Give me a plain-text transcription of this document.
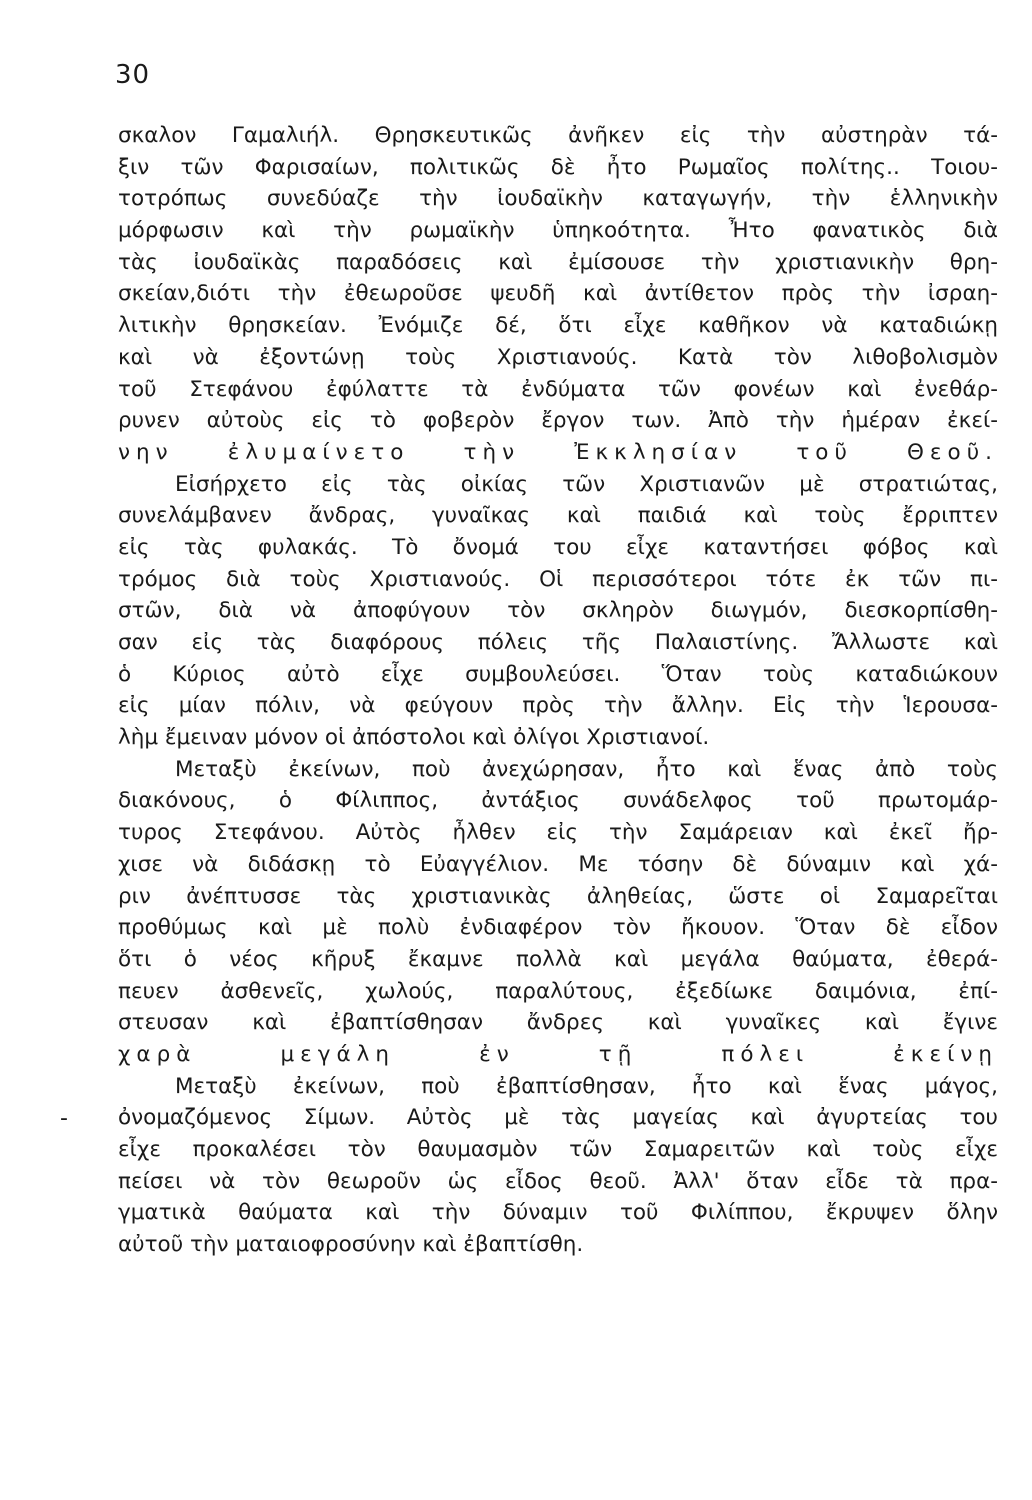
30
-
σκαλον Γαμαλιήλ. Θρησκευτικῶς ἀνῆκεν εἰς τὴν αὐστηρὰν τά-
ξιν τῶν Φαρισαίων, πολιτικῶς δὲ ἦτο Ρωμαῖος πολίτης.. Τοιου-
τοτρόπως συνεδύαζε τὴν ἰουδαϊκὴν καταγωγήν, τὴν ἑλληνικὴν
μόρφωσιν καὶ τὴν ρωμαϊκὴν ὑπηκοότητα. Ἦτο φανατικὸς διὰ
τὰς ἰουδαϊκὰς παραδόσεις καὶ ἐμίσουσε τὴν χριστιανικὴν θρη-
σκείαν,διότι τὴν ἐθεωροῦσε ψευδῆ καὶ ἀντίθετον πρὸς τὴν ἰσραη-
λιτικὴν θρησκείαν. Ἐνόμιζε δέ, ὅτι εἶχε καθῆκον νὰ καταδιώκῃ
καὶ νὰ ἐξοντώνῃ τοὺς Χριστιανούς. Κατὰ τὸν λιθοβολισμὸν
τοῦ Στεφάνου ἐφύλαττε τὰ ἐνδύματα τῶν φονέων καὶ ἐνεθάρ-
ρυνεν αὐτοὺς εἰς τὸ φοβερὸν ἔργον των. Ἀπὸ τὴν ἡμέραν ἐκεί-
νην ἐλυμαίνετο τὴν Ἐκκλησίαν τοῦ Θεοῦ.
Εἰσήρχετο εἰς τὰς οἰκίας τῶν Χριστιανῶν μὲ στρατιώτας,
συνελάμβανεν ἄνδρας, γυναῖκας καὶ παιδιά καὶ τοὺς ἔρριπτεν
εἰς τὰς φυλακάς. Τὸ ὄνομά του εἶχε καταντήσει φόβος καὶ
τρόμος διὰ τοὺς Χριστιανούς. Οἱ περισσότεροι τότε ἐκ τῶν πι-
στῶν, διὰ νὰ ἀποφύγουν τὸν σκληρὸν διωγμόν, διεσκορπίσθη-
σαν εἰς τὰς διαφόρους πόλεις τῆς Παλαιστίνης. Ἄλλωστε καὶ
ὁ Κύριος αὐτὸ εἶχε συμβουλεύσει. Ὅταν τοὺς καταδιώκουν
εἰς μίαν πόλιν, νὰ φεύγουν πρὸς τὴν ἄλλην. Εἰς τὴν Ἱερουσα-
λὴμ ἔμειναν μόνον οἱ ἀπόστολοι καὶ ὀλίγοι Χριστιανοί.
Μεταξὺ ἐκείνων, ποὺ ἀνεχώρησαν, ἦτο καὶ ἕνας ἀπὸ τοὺς
διακόνους, ὁ Φίλιππος, ἀντάξιος συνάδελφος τοῦ πρωτομάρ-
τυρος Στεφάνου. Αὐτὸς ἦλθεν εἰς τὴν Σαμάρειαν καὶ ἐκεῖ ἤρ-
χισε νὰ διδάσκῃ τὸ Εὐαγγέλιον. Με τόσην δὲ δύναμιν καὶ χά-
ριν ἀνέπτυσσε τὰς χριστιανικὰς ἀληθείας, ὥστε οἱ Σαμαρεῖται
προθύμως καὶ μὲ πολὺ ἐνδιαφέρον τὸν ἤκουον. Ὅταν δὲ εἶδον
ὅτι ὁ νέος κῆρυξ ἔκαμνε πολλὰ καὶ μεγάλα θαύματα, ἐθερά-
πευεν ἀσθενεῖς, χωλούς, παραλύτους, ἐξεδίωκε δαιμόνια, ἐπί-
στευσαν καὶ ἐβαπτίσθησαν ἄνδρες καὶ γυναῖκες καὶ ἔγινε
χαρὰ μεγάλη ἐν τῇ πόλει ἐκείνῃ
Μεταξὺ ἐκείνων, ποὺ ἐβαπτίσθησαν, ἦτο καὶ ἕνας μάγος,
ὀνομαζόμενος Σίμων. Αὐτὸς μὲ τὰς μαγείας καὶ ἀγυρτείας του
εἶχε προκαλέσει τὸν θαυμασμὸν τῶν Σαμαρειτῶν καὶ τοὺς εἶχε
πείσει νὰ τὸν θεωροῦν ὡς εἶδος θεοῦ. Ἀλλ' ὅταν εἶδε τὰ πρα-
γματικὰ θαύματα καὶ τὴν δύναμιν τοῦ Φιλίππου, ἔκρυψεν ὅλην
αὐτοῦ τὴν ματαιοφροσύνην καὶ ἐβαπτίσθη.
